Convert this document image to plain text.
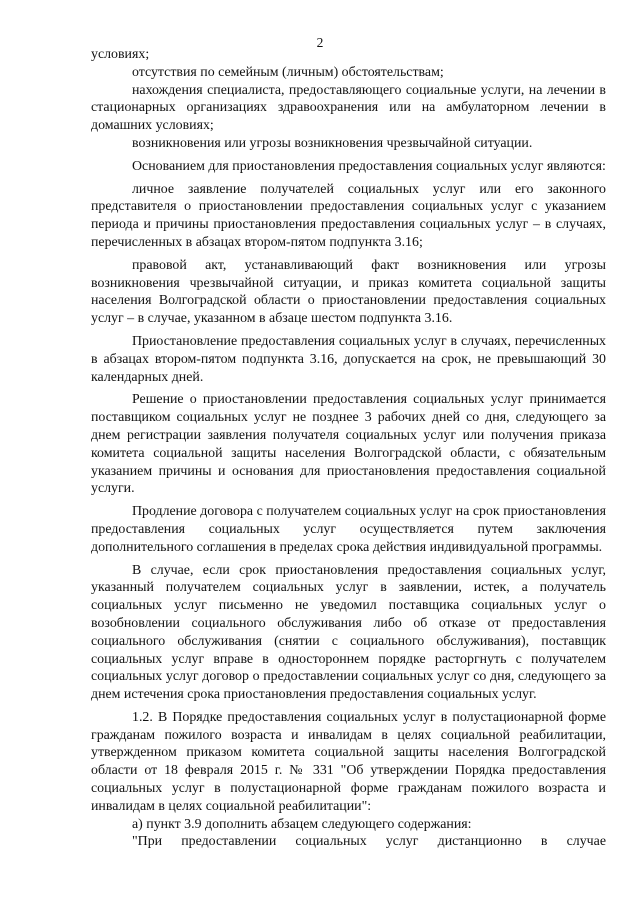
2

условиях;

отсутствия по семейным (личным) обстоятельствам;

нахождения специалиста, предоставляющего социальные услуги, на лечении в стационарных организациях здравоохранения или на амбулаторном лечении в домашних условиях;

возникновения или угрозы возникновения чрезвычайной ситуации.

Основанием для приостановления предоставления социальных услуг являются:

личное заявление получателей социальных услуг или его законного представителя о приостановлении предоставления социальных услуг с указанием периода и причины приостановления предоставления социальных услуг – в случаях, перечисленных в абзацах втором-пятом подпункта 3.16;

правовой акт, устанавливающий факт возникновения или угрозы возникновения чрезвычайной ситуации, и приказ комитета социальной защиты населения Волгоградской области о приостановлении предоставления социальных услуг – в случае, указанном в абзаце шестом подпункта 3.16.

Приостановление предоставления социальных услуг в случаях, перечисленных в абзацах втором-пятом подпункта 3.16, допускается на срок, не превышающий 30 календарных дней.

Решение о приостановлении предоставления социальных услуг принимается поставщиком социальных услуг не позднее 3 рабочих дней со дня, следующего за днем регистрации заявления получателя социальных услуг или получения приказа комитета социальной защиты населения Волгоградской области, с обязательным указанием причины и основания для приостановления предоставления социальной услуги.

Продление договора с получателем социальных услуг на срок приостановления предоставления социальных услуг осуществляется путем заключения дополнительного соглашения в пределах срока действия индивидуальной программы.

В случае, если срок приостановления предоставления социальных услуг, указанный получателем социальных услуг в заявлении, истек, а получатель социальных услуг письменно не уведомил поставщика социальных услуг о возобновлении социального обслуживания либо об отказе от предоставления социального обслуживания (снятии с социального обслуживания), поставщик социальных услуг вправе в одностороннем порядке расторгнуть с получателем социальных услуг договор о предоставлении социальных услуг со дня, следующего за днем истечения срока приостановления предоставления социальных услуг.

1.2. В Порядке предоставления социальных услуг в полустационарной форме гражданам пожилого возраста и инвалидам в целях социальной реабилитации, утвержденном приказом комитета социальной защиты населения Волгоградской области от 18 февраля 2015 г. № 331 "Об утверждении Порядка предоставления социальных услуг в полустационарной форме гражданам пожилого возраста и инвалидам в целях социальной реабилитации":

а) пункт 3.9 дополнить абзацем следующего содержания:

"При предоставлении социальных услуг дистанционно в случае
